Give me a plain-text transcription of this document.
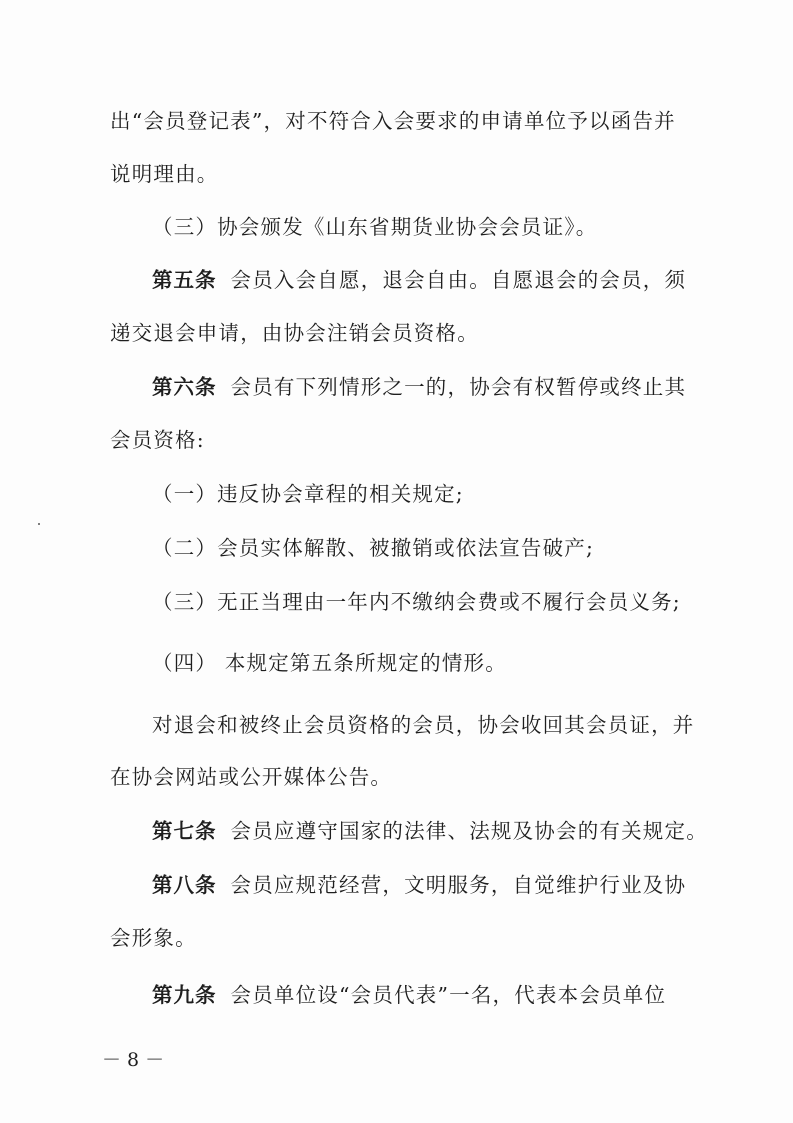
出“会员登记表”，对不符合入会要求的申请单位予以函告并
说明理由。
（三）协会颁发《山东省期货业协会会员证》。
第五条 会员入会自愿，退会自由。自愿退会的会员，须
递交退会申请，由协会注销会员资格。
第六条 会员有下列情形之一的，协会有权暂停或终止其
会员资格:
（一）违反协会章程的相关规定;
（二）会员实体解散、被撤销或依法宣告破产;
（三）无正当理由一年内不缴纳会费或不履行会员义务;
（四） 本规定第五条所规定的情形。
对退会和被终止会员资格的会员，协会收回其会员证，并
在协会网站或公开媒体公告。
第七条 会员应遵守国家的法律、法规及协会的有关规定。
第八条 会员应规范经营，文明服务，自觉维护行业及协
会形象。
第九条 会员单位设“会员代表”一名，代表本会员单位
－8－
